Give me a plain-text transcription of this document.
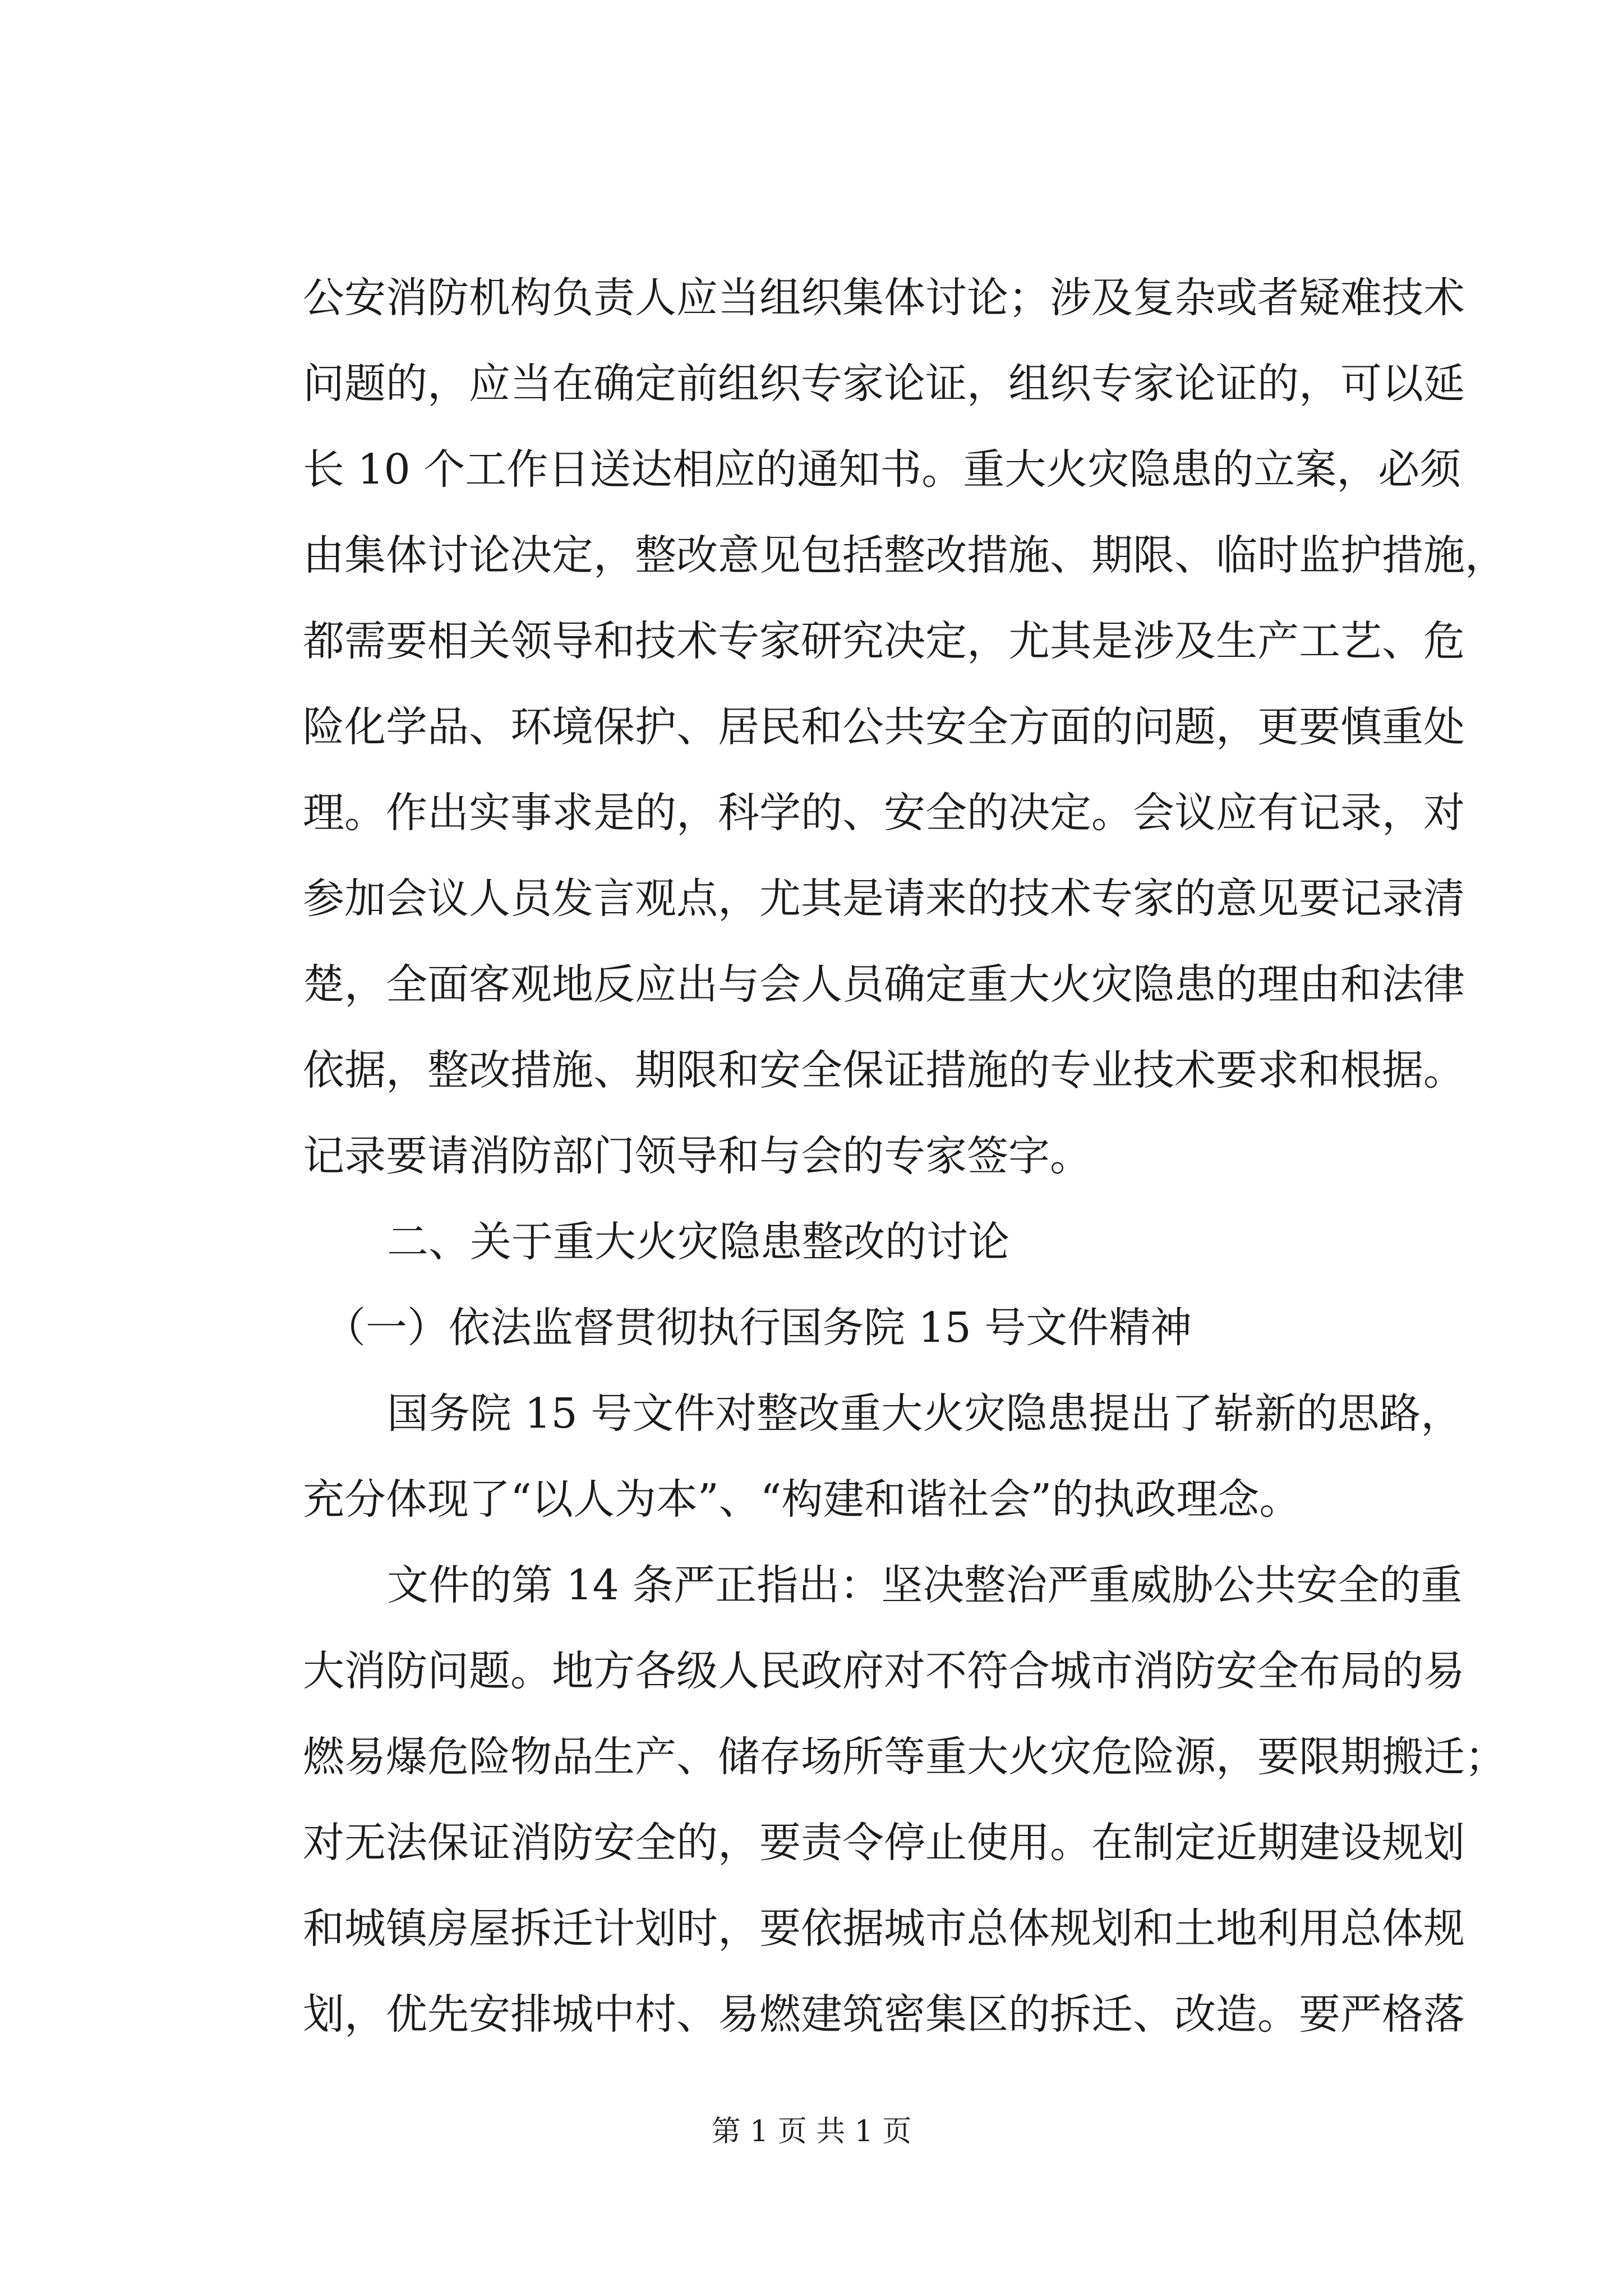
公安消防机构负责人应当组织集体讨论；涉及复杂或者疑难技术
问题的，应当在确定前组织专家论证，组织专家论证的，可以延
长 10 个工作日送达相应的通知书。重大火灾隐患的立案，必须
由集体讨论决定，整改意见包括整改措施、期限、临时监护措施，
都需要相关领导和技术专家研究决定，尤其是涉及生产工艺、危
险化学品、环境保护、居民和公共安全方面的问题，更要慎重处
理。作出实事求是的，科学的、安全的决定。会议应有记录，对
参加会议人员发言观点，尤其是请来的技术专家的意见要记录清
楚，全面客观地反应出与会人员确定重大火灾隐患的理由和法律
依据，整改措施、期限和安全保证措施的专业技术要求和根据。
记录要请消防部门领导和与会的专家签字。
二、关于重大火灾隐患整改的讨论
（一）依法监督贯彻执行国务院 15 号文件精神
国务院 15 号文件对整改重大火灾隐患提出了崭新的思路，
充分体现了“以人为本”、“构建和谐社会”的执政理念。
文件的第 14 条严正指出：坚决整治严重威胁公共安全的重
大消防问题。地方各级人民政府对不符合城市消防安全布局的易
燃易爆危险物品生产、储存场所等重大火灾危险源，要限期搬迁；
对无法保证消防安全的，要责令停止使用。在制定近期建设规划
和城镇房屋拆迁计划时，要依据城市总体规划和土地利用总体规
划，优先安排城中村、易燃建筑密集区的拆迁、改造。要严格落
第 1 页 共 1 页
